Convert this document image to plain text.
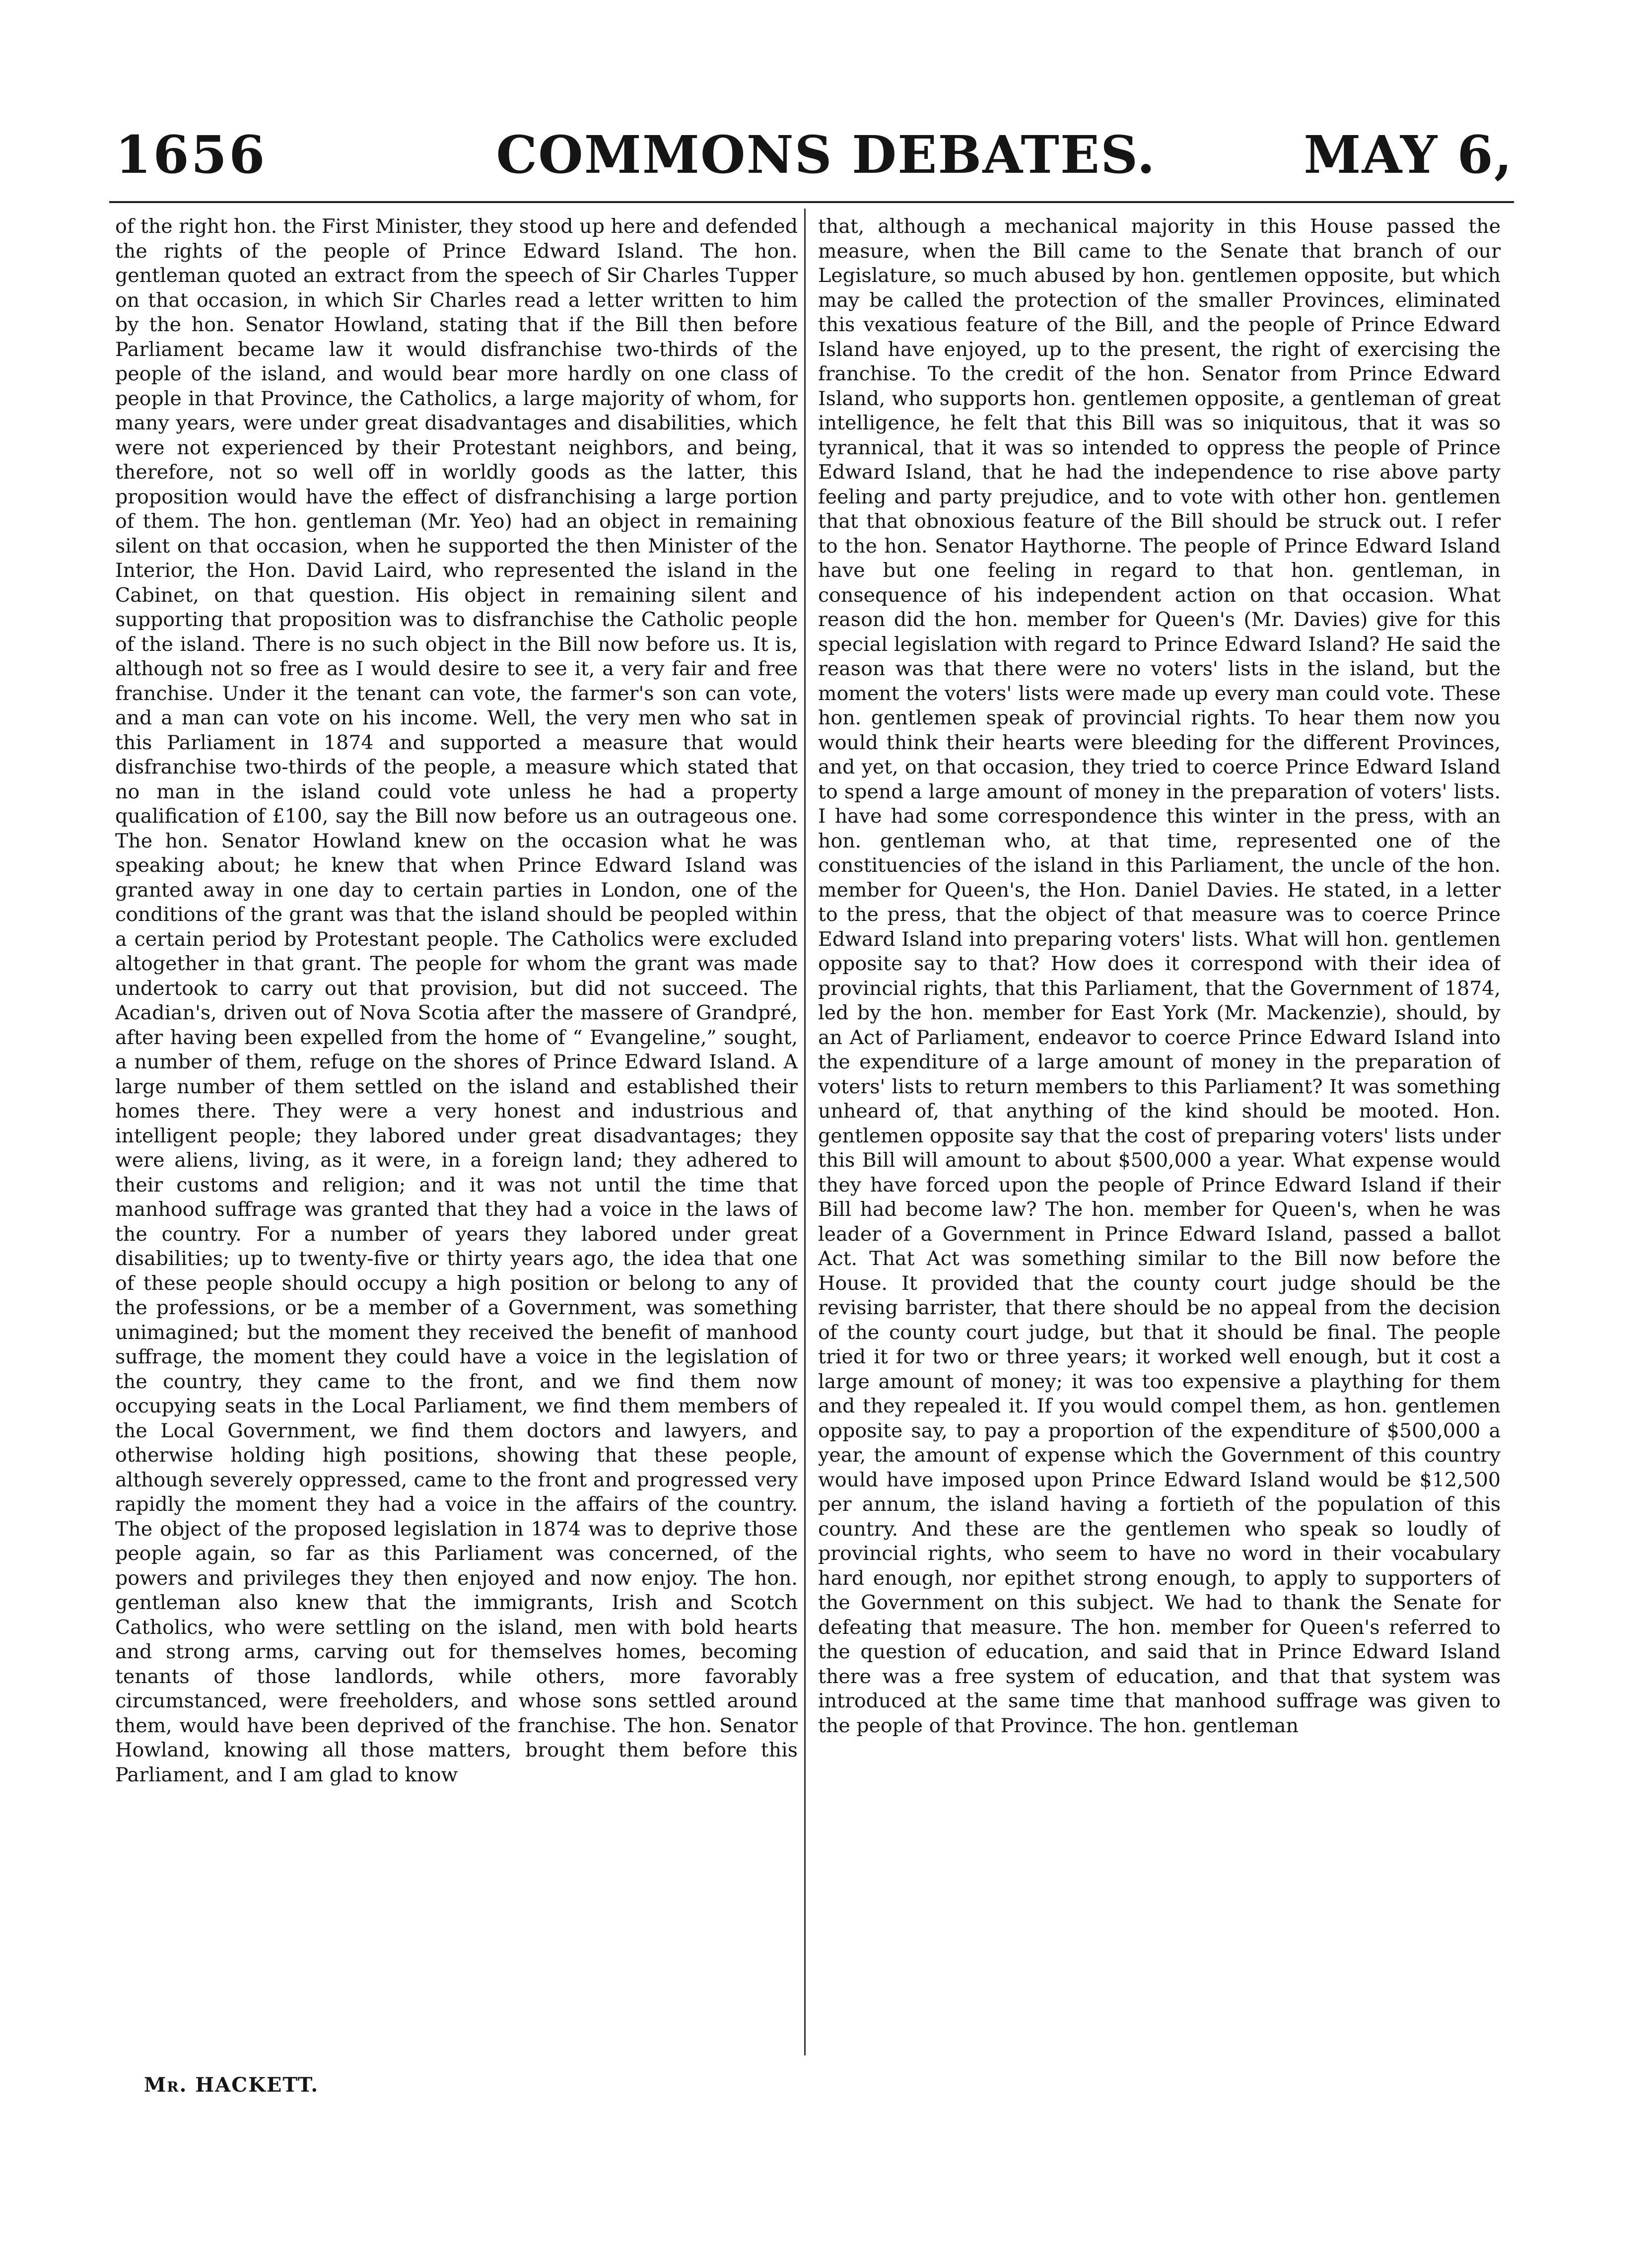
1656	COMMONS DEBATES.	MAY 6,

of the right hon. the First Minister, they stood up here and defended the rights of the people of Prince Edward Island. The hon. gentleman quoted an extract from the speech of Sir Charles Tupper on that occasion, in which Sir Charles read a letter written to him by the hon. Senator Howland, stating that if the Bill then before Parliament became law it would disfranchise two-thirds of the people of the island, and would bear more hardly on one class of people in that Province, the Catholics, a large majority of whom, for many years, were under great disadvantages and disabilities, which were not experienced by their Protestant neighbors, and being, therefore, not so well off in worldly goods as the latter, this proposition would have the effect of disfranchising a large portion of them. The hon. gentleman (Mr. Yeo) had an object in remaining silent on that occasion, when he supported the then Minister of the Interior, the Hon. David Laird, who represented the island in the Cabinet, on that question. His object in remaining silent and supporting that proposition was to disfranchise the Catholic people of the island. There is no such object in the Bill now before us. It is, although not so free as I would desire to see it, a very fair and free franchise. Under it the tenant can vote, the farmer's son can vote, and a man can vote on his income. Well, the very men who sat in this Parliament in 1874 and supported a measure that would disfranchise two-thirds of the people, a measure which stated that no man in the island could vote unless he had a property qualification of £100, say the Bill now before us an outrageous one. The hon. Senator Howland knew on the occasion what he was speaking about; he knew that when Prince Edward Island was granted away in one day to certain parties in London, one of the conditions of the grant was that the island should be peopled within a certain period by Protestant people. The Catholics were excluded altogether in that grant. The people for whom the grant was made undertook to carry out that provision, but did not succeed. The Acadian's, driven out of Nova Scotia after the massere of Grandpré, after having been expelled from the home of “ Evangeline,” sought, a number of them, refuge on the shores of Prince Edward Island. A large number of them settled on the island and established their homes there. They were a very honest and industrious and intelligent people; they labored under great disadvantages; they were aliens, living, as it were, in a foreign land; they adhered to their customs and religion; and it was not until the time that manhood suffrage was granted that they had a voice in the laws of the country. For a number of years they labored under great disabilities; up to twenty-five or thirty years ago, the idea that one of these people should occupy a high position or belong to any of the professions, or be a member of a Government, was something unimagined; but the moment they received the benefit of manhood suffrage, the moment they could have a voice in the legislation of the country, they came to the front, and we find them now occupying seats in the Local Parliament, we find them members of the Local Government, we find them doctors and lawyers, and otherwise holding high positions, showing that these people, although severely oppressed, came to the front and progressed very rapidly the moment they had a voice in the affairs of the country. The object of the proposed legislation in 1874 was to deprive those people again, so far as this Parliament was concerned, of the powers and privileges they then enjoyed and now enjoy. The hon. gentleman also knew that the immigrants, Irish and Scotch Catholics, who were settling on the island, men with bold hearts and strong arms, carving out for themselves homes, becoming tenants of those landlords, while others, more favorably circumstanced, were freeholders, and whose sons settled around them, would have been deprived of the franchise. The hon. Senator Howland, knowing all those matters, brought them before this Parliament, and I am glad to know

that, although a mechanical majority in this House passed the measure, when the Bill came to the Senate that branch of our Legislature, so much abused by hon. gentlemen opposite, but which may be called the protection of the smaller Provinces, eliminated this vexatious feature of the Bill, and the people of Prince Edward Island have enjoyed, up to the present, the right of exercising the franchise. To the credit of the hon. Senator from Prince Edward Island, who supports hon. gentlemen opposite, a gentleman of great intelligence, he felt that this Bill was so iniquitous, that it was so tyrannical, that it was so intended to oppress the people of Prince Edward Island, that he had the independence to rise above party feeling and party prejudice, and to vote with other hon. gentlemen that that obnoxious feature of the Bill should be struck out. I refer to the hon. Senator Haythorne. The people of Prince Edward Island have but one feeling in regard to that hon. gentleman, in consequence of his independent action on that occasion. What reason did the hon. member for Queen's (Mr. Davies) give for this special legislation with regard to Prince Edward Island? He said the reason was that there were no voters' lists in the island, but the moment the voters' lists were made up every man could vote. These hon. gentlemen speak of provincial rights. To hear them now you would think their hearts were bleeding for the different Provinces, and yet, on that occasion, they tried to coerce Prince Edward Island to spend a large amount of money in the preparation of voters' lists. I have had some correspondence this winter in the press, with an hon. gentleman who, at that time, represented one of the constituencies of the island in this Parliament, the uncle of the hon. member for Queen's, the Hon. Daniel Davies. He stated, in a letter to the press, that the object of that measure was to coerce Prince Edward Island into preparing voters' lists. What will hon. gentlemen opposite say to that? How does it correspond with their idea of provincial rights, that this Parliament, that the Government of 1874, led by the hon. member for East York (Mr. Mackenzie), should, by an Act of Parliament, endeavor to coerce Prince Edward Island into the expenditure of a large amount of money in the preparation of voters' lists to return members to this Parliament? It was something unheard of, that anything of the kind should be mooted. Hon. gentlemen opposite say that the cost of preparing voters' lists under this Bill will amount to about $500,000 a year. What expense would they have forced upon the people of Prince Edward Island if their Bill had become law? The hon. member for Queen's, when he was leader of a Government in Prince Edward Island, passed a ballot Act. That Act was something similar to the Bill now before the House. It provided that the county court judge should be the revising barrister, that there should be no appeal from the decision of the county court judge, but that it should be final. The people tried it for two or three years; it worked well enough, but it cost a large amount of money; it was too expensive a plaything for them and they repealed it. If you would compel them, as hon. gentlemen opposite say, to pay a proportion of the expenditure of $500,000 a year, the amount of expense which the Government of this country would have imposed upon Prince Edward Island would be $12,500 per annum, the island having a fortieth of the population of this country. And these are the gentlemen who speak so loudly of provincial rights, who seem to have no word in their vocabulary hard enough, nor epithet strong enough, to apply to supporters of the Government on this subject. We had to thank the Senate for defeating that measure. The hon. member for Queen's referred to the question of education, and said that in Prince Edward Island there was a free system of education, and that that system was introduced at the same time that manhood suffrage was given to the people of that Province. The hon. gentleman

Mr. HACKETT.
